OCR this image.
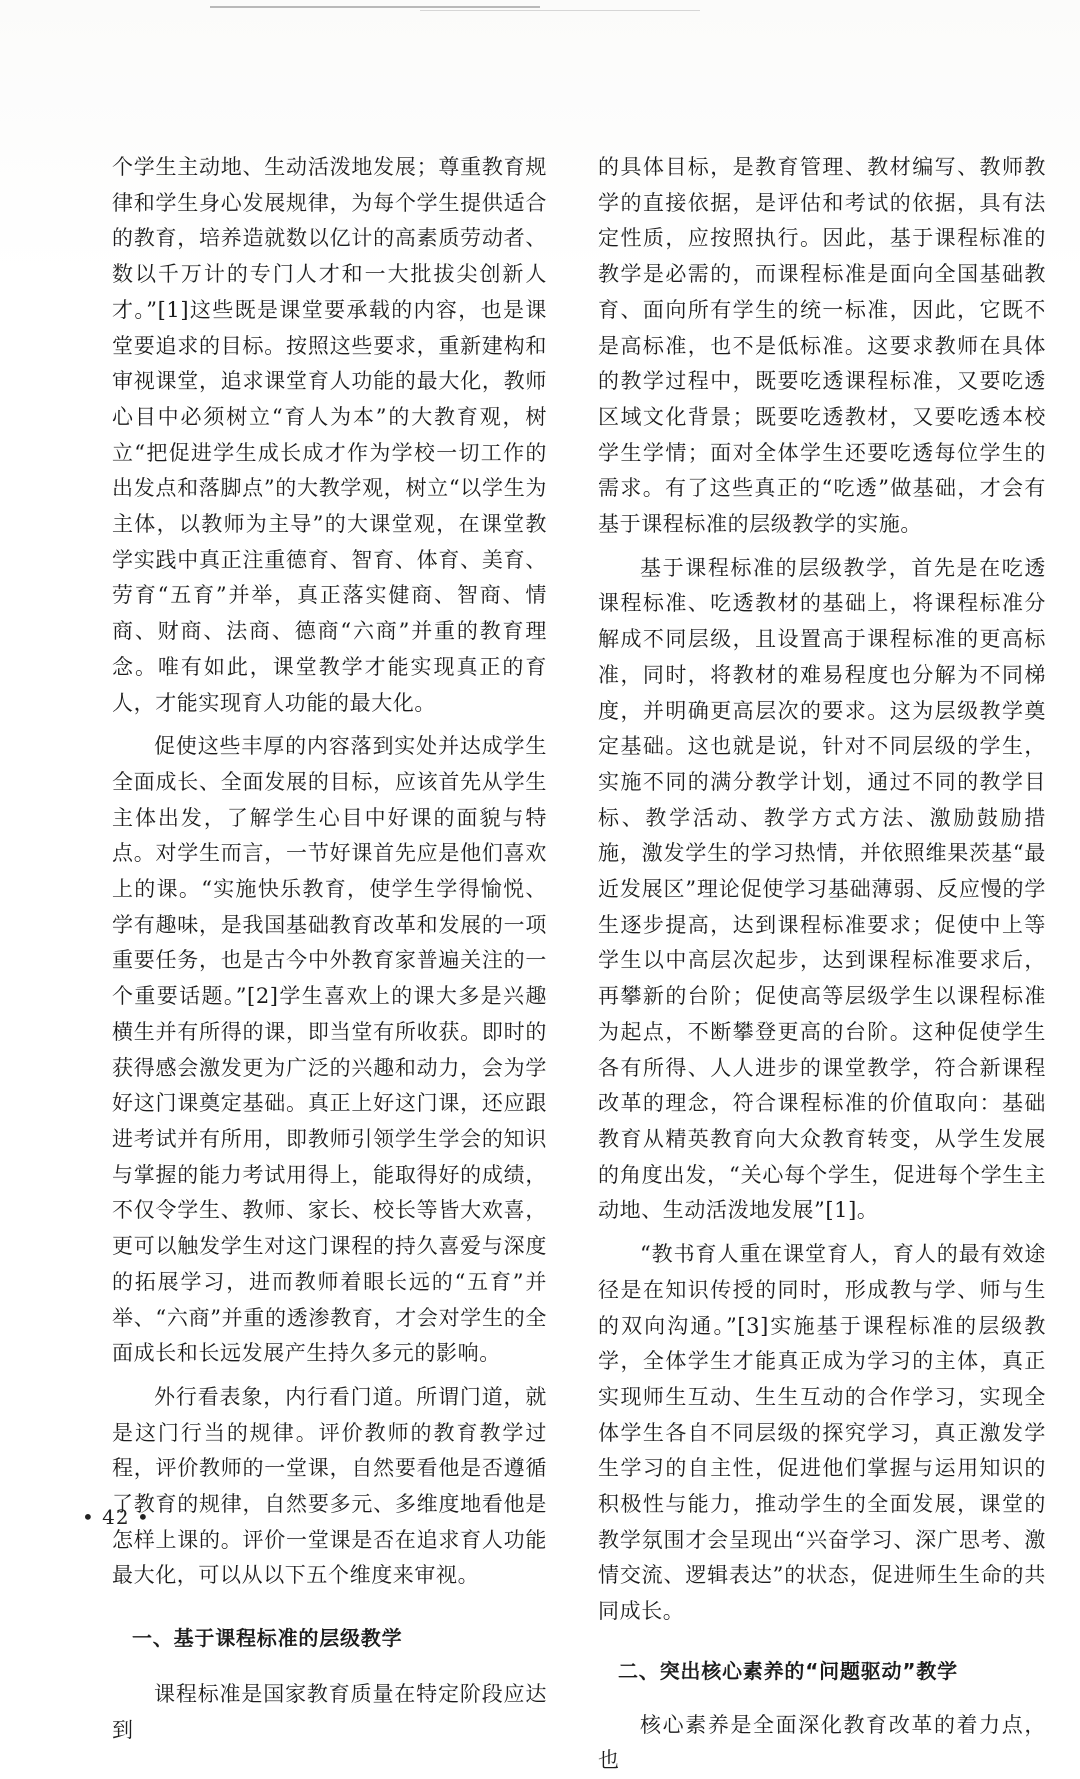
个学生主动地、生动活泼地发展；尊重教育规律和学生身心发展规律，为每个学生提供适合的教育，培养造就数以亿计的高素质劳动者、数以千万计的专门人才和一大批拔尖创新人才。”[1]这些既是课堂要承载的内容，也是课堂要追求的目标。按照这些要求，重新建构和审视课堂，追求课堂育人功能的最大化，教师心目中必须树立“育人为本”的大教育观，树立“把促进学生成长成才作为学校一切工作的出发点和落脚点”的大教学观，树立“以学生为主体，以教师为主导”的大课堂观，在课堂教学实践中真正注重德育、智育、体育、美育、劳育“五育”并举，真正落实健商、智商、情商、财商、法商、德商“六商”并重的教育理念。唯有如此，课堂教学才能实现真正的育人，才能实现育人功能的最大化。

促使这些丰厚的内容落到实处并达成学生全面成长、全面发展的目标，应该首先从学生主体出发，了解学生心目中好课的面貌与特点。对学生而言，一节好课首先应是他们喜欢上的课。“实施快乐教育，使学生学得愉悦、学有趣味，是我国基础教育改革和发展的一项重要任务，也是古今中外教育家普遍关注的一个重要话题。”[2]学生喜欢上的课大多是兴趣横生并有所得的课，即当堂有所收获。即时的获得感会激发更为广泛的兴趣和动力，会为学好这门课奠定基础。真正上好这门课，还应跟进考试并有所用，即教师引领学生学会的知识与掌握的能力考试用得上，能取得好的成绩，不仅令学生、教师、家长、校长等皆大欢喜，更可以触发学生对这门课程的持久喜爱与深度的拓展学习，进而教师着眼长远的“五育”并举、“六商”并重的透渗教育，才会对学生的全面成长和长远发展产生持久多元的影响。

外行看表象，内行看门道。所谓门道，就是这门行当的规律。评价教师的教育教学过程，评价教师的一堂课，自然要看他是否遵循了教育的规律，自然要多元、多维度地看他是怎样上课的。评价一堂课是否在追求育人功能最大化，可以从以下五个维度来审视。

一、基于课程标准的层级教学

课程标准是国家教育质量在特定阶段应达到

的具体目标，是教育管理、教材编写、教师教学的直接依据，是评估和考试的依据，具有法定性质，应按照执行。因此，基于课程标准的教学是必需的，而课程标准是面向全国基础教育、面向所有学生的统一标准，因此，它既不是高标准，也不是低标准。这要求教师在具体的教学过程中，既要吃透课程标准，又要吃透区域文化背景；既要吃透教材，又要吃透本校学生学情；面对全体学生还要吃透每位学生的需求。有了这些真正的“吃透”做基础，才会有基于课程标准的层级教学的实施。

基于课程标准的层级教学，首先是在吃透课程标准、吃透教材的基础上，将课程标准分解成不同层级，且设置高于课程标准的更高标准，同时，将教材的难易程度也分解为不同梯度，并明确更高层次的要求。这为层级教学奠定基础。这也就是说，针对不同层级的学生，实施不同的满分教学计划，通过不同的教学目标、教学活动、教学方式方法、激励鼓励措施，激发学生的学习热情，并依照维果茨基“最近发展区”理论促使学习基础薄弱、反应慢的学生逐步提高，达到课程标准要求；促使中上等学生以中高层次起步，达到课程标准要求后，再攀新的台阶；促使高等层级学生以课程标准为起点，不断攀登更高的台阶。这种促使学生各有所得、人人进步的课堂教学，符合新课程改革的理念，符合课程标准的价值取向：基础教育从精英教育向大众教育转变，从学生发展的角度出发，“关心每个学生，促进每个学生主动地、生动活泼地发展”[1]。

“教书育人重在课堂育人，育人的最有效途径是在知识传授的同时，形成教与学、师与生的双向沟通。”[3]实施基于课程标准的层级教学，全体学生才能真正成为学习的主体，真正实现师生互动、生生互动的合作学习，实现全体学生各自不同层级的探究学习，真正激发学生学习的自主性，促进他们掌握与运用知识的积极性与能力，推动学生的全面发展，课堂的教学氛围才会呈现出“兴奋学习、深广思考、激情交流、逻辑表达”的状态，促进师生生命的共同成长。

二、突出核心素养的“问题驱动”教学

核心素养是全面深化教育改革的着力点，也

• 42 •
